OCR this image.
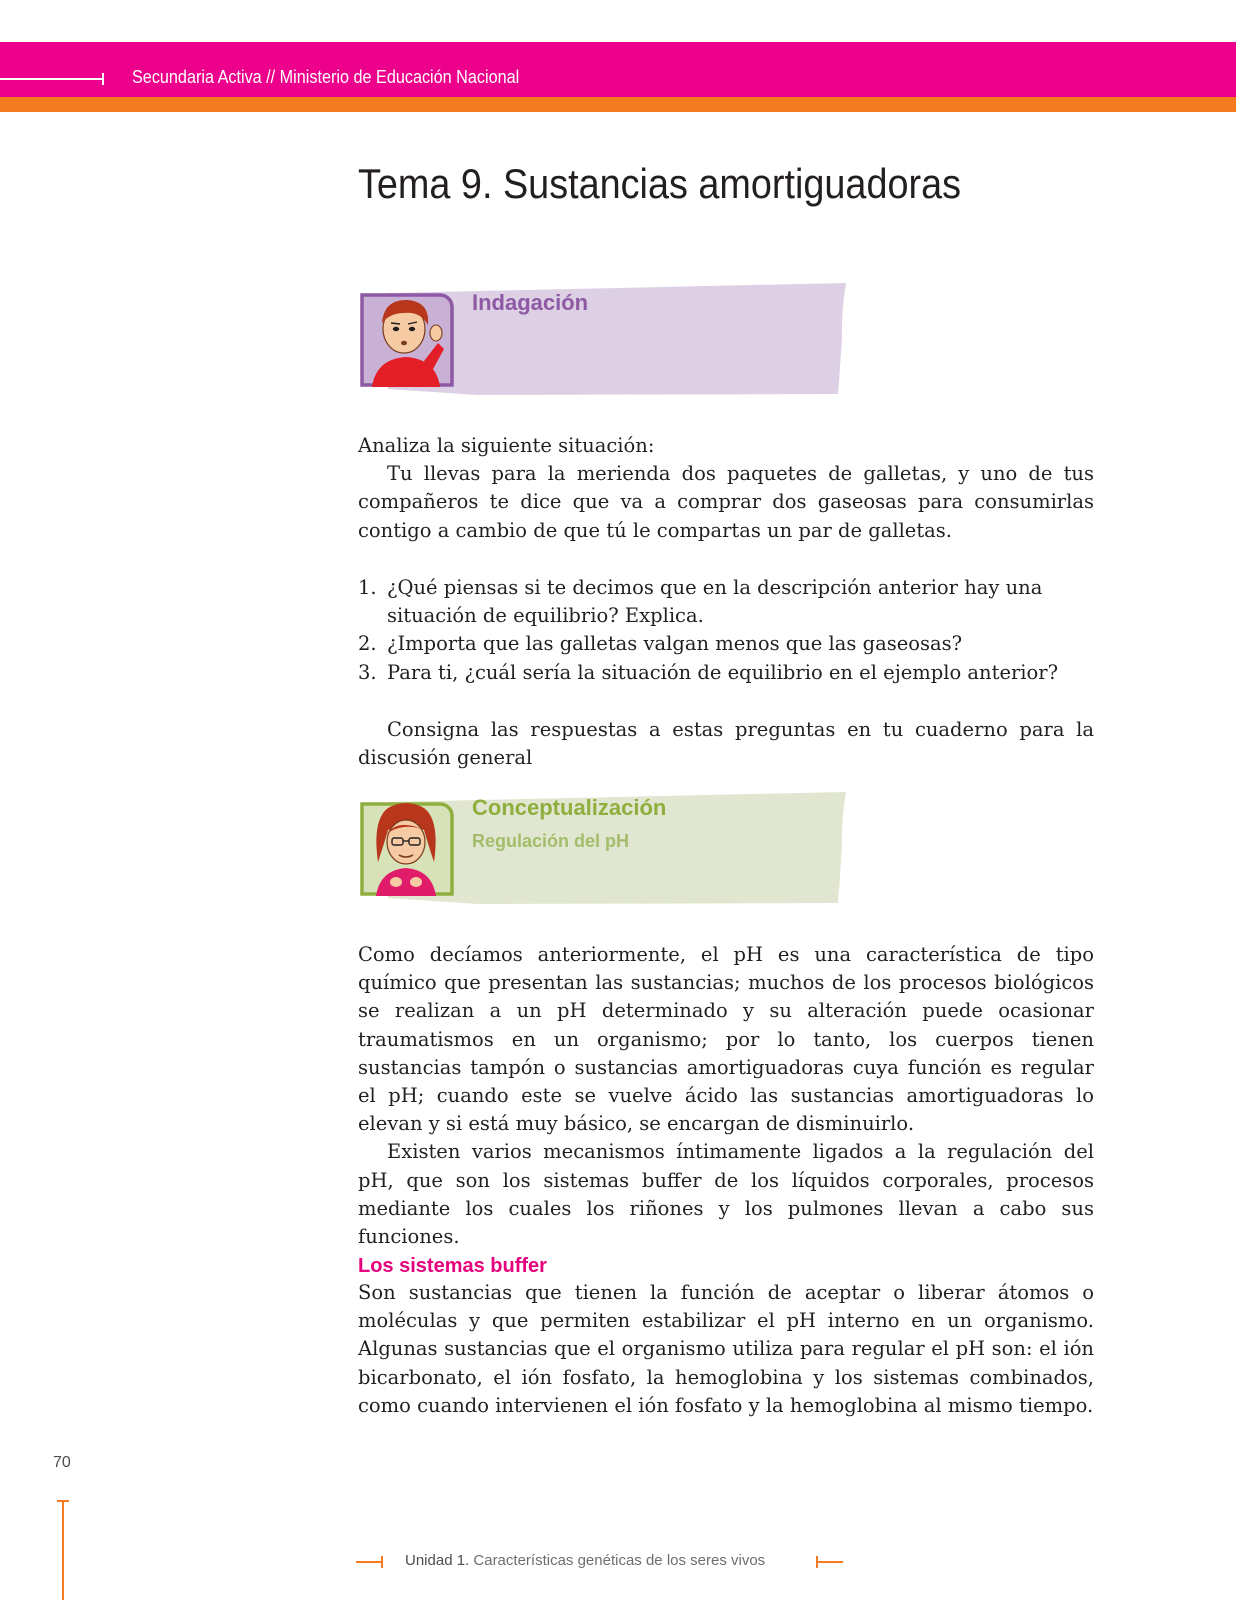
Secundaria Activa // Ministerio de Educación Nacional
Tema 9. Sustancias amortiguadoras
Indagación

Analiza la siguiente situación:

Tu llevas para la merienda dos paquetes de galletas, y uno de tus compañeros te dice que va a comprar dos gaseosas para consumirlas contigo a cambio de que tú le compartas un par de galletas.

1. ¿Qué piensas si te decimos que en la descripción anterior hay una situación de equilibrio? Explica.
2. ¿Importa que las galletas valgan menos que las gaseosas?
3. Para ti, ¿cuál sería la situación de equilibrio en el ejemplo anterior?

Consigna las respuestas a estas preguntas en tu cuaderno para la discusión general

Conceptualización
Regulación del pH

Como decíamos anteriormente, el pH es una característica de tipo químico que presentan las sustancias; muchos de los procesos biológicos se realizan a un pH determinado y su alteración puede ocasionar traumatismos en un organismo; por lo tanto, los cuerpos tienen sustancias tampón o sustancias amortiguadoras cuya función es regular el pH; cuando este se vuelve ácido las sustancias amortiguadoras lo elevan y si está muy básico, se encargan de disminuirlo.

Existen varios mecanismos íntimamente ligados a la regulación del pH, que son los sistemas buffer de los líquidos corporales, procesos mediante los cuales los riñones y los pulmones llevan a cabo sus funciones.

Los sistemas buffer

Son sustancias que tienen la función de aceptar o liberar átomos o moléculas y que permiten estabilizar el pH interno en un organismo. Algunas sustancias que el organismo utiliza para regular el pH son: el ión bicarbonato, el ión fosfato, la hemoglobina y los sistemas combinados, como cuando intervienen el ión fosfato y la hemoglobina al mismo tiempo.

70
Unidad 1. Características genéticas de los seres vivos
